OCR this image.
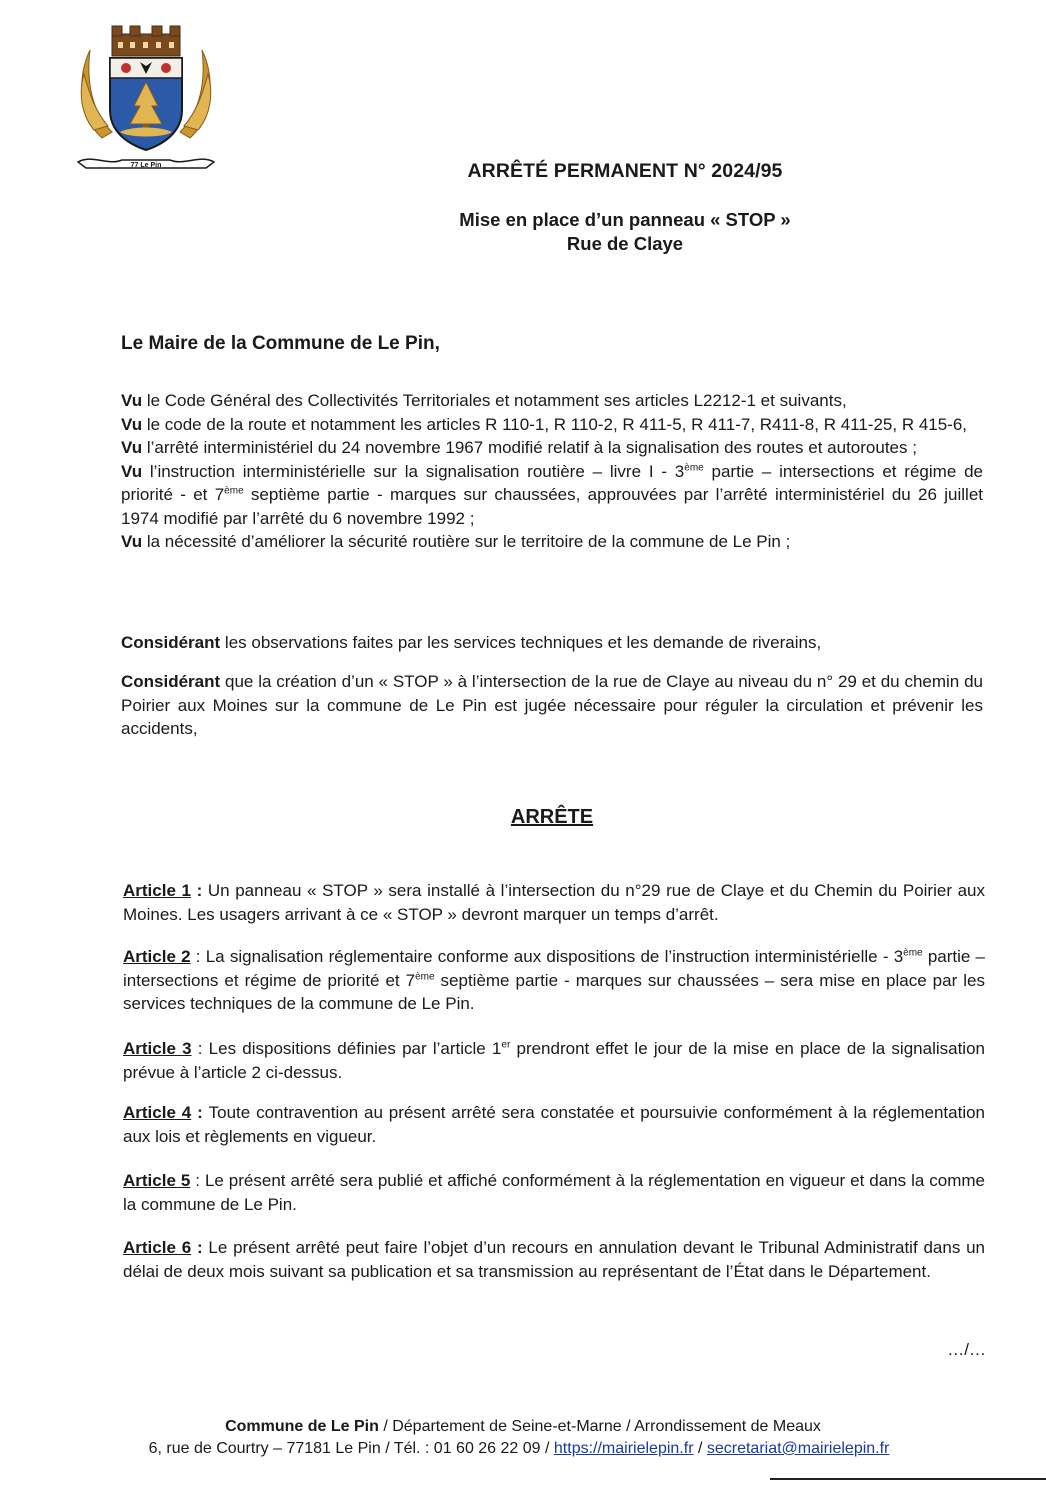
77 Le Pin	ARRÊTÉ PERMANENT N° 2024/95
Mise en place d’un panneau « STOP »
Rue de Claye
Le Maire de la Commune de Le Pin,

Vu le Code Général des Collectivités Territoriales et notamment ses articles L2212-1 et suivants,

Vu le code de la route et notamment les articles R 110-1, R 110-2, R 411-5, R 411-7, R411-8, R 411-25, R 415-6,

Vu l’arrêté interministériel du 24 novembre 1967 modifié relatif à la signalisation des routes et autoroutes ;

Vu l’instruction interministérielle sur la signalisation routière – livre I - 3ème partie – intersections et régime de priorité - et 7ème septième partie - marques sur chaussées, approuvées par l’arrêté interministériel du 26 juillet 1974 modifié par l’arrêté du 6 novembre 1992 ;

Vu la nécessité d’améliorer la sécurité routière sur le territoire de la commune de Le Pin ;

Considérant les observations faites par les services techniques et les demande de riverains,

Considérant que la création d’un « STOP » à l’intersection de la rue de Claye au niveau du n° 29 et du chemin du Poirier aux Moines sur la commune de Le Pin est jugée nécessaire pour réguler la circulation et prévenir les accidents,

ARRÊTE

Article 1 : Un panneau « STOP » sera installé à l’intersection du n°29 rue de Claye et du Chemin du Poirier aux Moines. Les usagers arrivant à ce « STOP » devront marquer un temps d’arrêt.

Article 2 : La signalisation réglementaire conforme aux dispositions de l’instruction interministérielle - 3ème partie – intersections et régime de priorité et 7ème septième partie - marques sur chaussées – sera mise en place par les services techniques de la commune de Le Pin.

Article 3 : Les dispositions définies par l’article 1er prendront effet le jour de la mise en place de la signalisation prévue à l’article 2 ci-dessus.

Article 4 : Toute contravention au présent arrêté sera constatée et poursuivie conformément à la réglementation aux lois et règlements en vigueur.

Article 5 : Le présent arrêté sera publié et affiché conformément à la réglementation en vigueur et dans la comme la commune de Le Pin.

Article 6 : Le présent arrêté peut faire l’objet d’un recours en annulation devant le Tribunal Administratif dans un délai de deux mois suivant sa publication et sa transmission au représentant de l’État dans le Département.

…/…
Commune de Le Pin / Département de Seine-et-Marne / Arrondissement de Meaux
6, rue de Courtry – 77181 Le Pin / Tél. : 01 60 26 22 09 / https://mairielepin.fr / secretariat@mairielepin.fr
